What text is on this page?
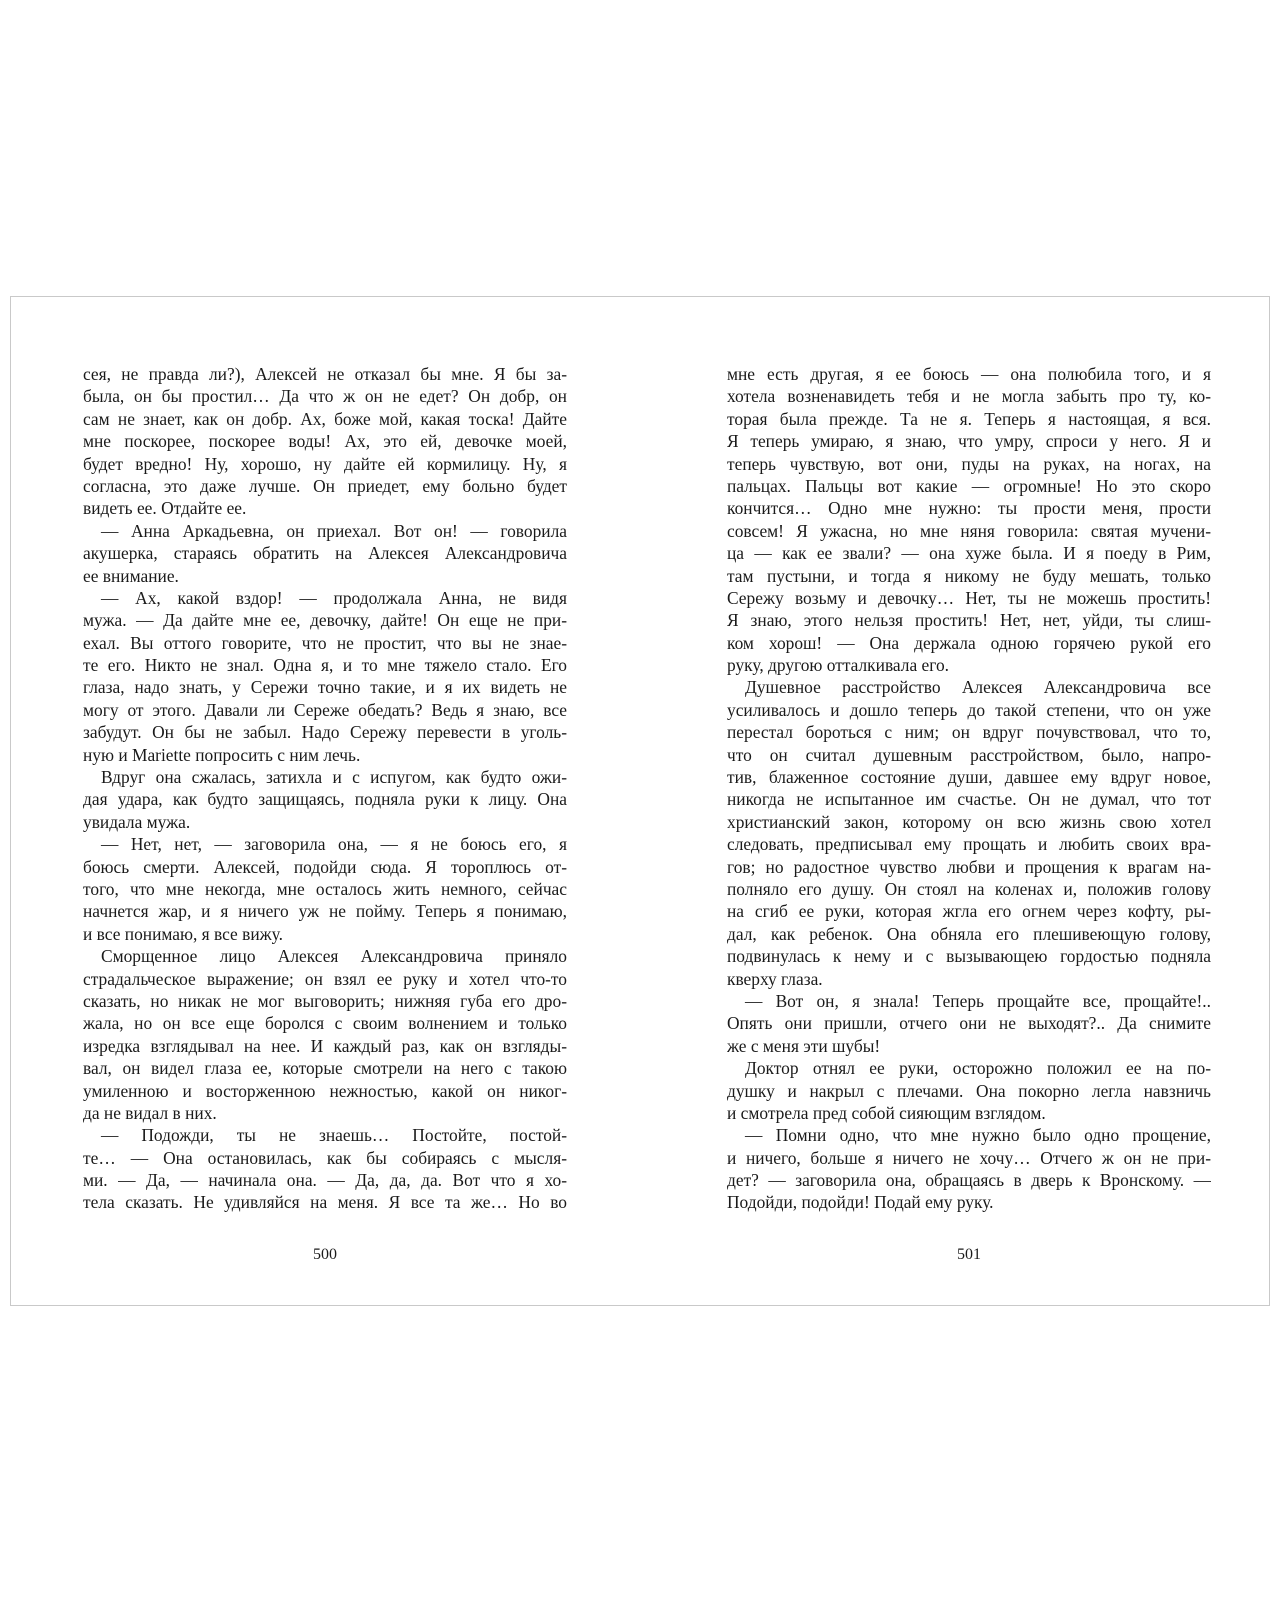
сея, не правда ли?), Алексей не отказал бы мне. Я бы за-
была, он бы простил… Да что ж он не едет? Он добр, он
сам не знает, как он добр. Ах, боже мой, какая тоска! Дайте
мне поскорее, поскорее воды! Ах, это ей, девочке моей,
будет вредно! Ну, хорошо, ну дайте ей кормилицу. Ну, я
согласна, это даже лучше. Он приедет, ему больно будет
видеть ее. Отдайте ее.
— Анна Аркадьевна, он приехал. Вот он! — говорила
акушерка, стараясь обратить на Алексея Александровича
ее внимание.
— Ах, какой вздор! — продолжала Анна, не видя
мужа. — Да дайте мне ее, девочку, дайте! Он еще не при-
ехал. Вы оттого говорите, что не простит, что вы не знае-
те его. Никто не знал. Одна я, и то мне тяжело стало. Его
глаза, надо знать, у Сережи точно такие, и я их видеть не
могу от этого. Давали ли Сереже обедать? Ведь я знаю, все
забудут. Он бы не забыл. Надо Сережу перевести в уголь-
ную и Mariette попросить с ним лечь.
Вдруг она сжалась, затихла и с испугом, как будто ожи-
дая удара, как будто защищаясь, подняла руки к лицу. Она
увидала мужа.
— Нет, нет, — заговорила она, — я не боюсь его, я
боюсь смерти. Алексей, подойди сюда. Я тороплюсь от-
того, что мне некогда, мне осталось жить немного, сейчас
начнется жар, и я ничего уж не пойму. Теперь я понимаю,
и все понимаю, я все вижу.
Сморщенное лицо Алексея Александровича приняло
страдальческое выражение; он взял ее руку и хотел что-то
сказать, но никак не мог выговорить; нижняя губа его дро-
жала, но он все еще боролся с своим волнением и только
изредка взглядывал на нее. И каждый раз, как он взгляды-
вал, он видел глаза ее, которые смотрели на него с такою
умиленною и восторженною нежностью, какой он никог-
да не видал в них.
— Подожди, ты не знаешь… Постойте, постой-
те… — Она остановилась, как бы собираясь с мысля-
ми. — Да, — начинала она. — Да, да, да. Вот что я хо-
тела сказать. Не удивляйся на меня. Я все та же… Но во
мне есть другая, я ее боюсь — она полюбила того, и я
хотела возненавидеть тебя и не могла забыть про ту, ко-
торая была прежде. Та не я. Теперь я настоящая, я вся.
Я теперь умираю, я знаю, что умру, спроси у него. Я и
теперь чувствую, вот они, пуды на руках, на ногах, на
пальцах. Пальцы вот какие — огромные! Но это скоро
кончится… Одно мне нужно: ты прости меня, прости
совсем! Я ужасна, но мне няня говорила: святая мучени-
ца — как ее звали? — она хуже была. И я поеду в Рим,
там пустыни, и тогда я никому не буду мешать, только
Сережу возьму и девочку… Нет, ты не можешь простить!
Я знаю, этого нельзя простить! Нет, нет, уйди, ты слиш-
ком хорош! — Она держала одною горячею рукой его
руку, другою отталкивала его.
Душевное расстройство Алексея Александровича все
усиливалось и дошло теперь до такой степени, что он уже
перестал бороться с ним; он вдруг почувствовал, что то,
что он считал душевным расстройством, было, напро-
тив, блаженное состояние души, давшее ему вдруг новое,
никогда не испытанное им счастье. Он не думал, что тот
христианский закон, которому он всю жизнь свою хотел
следовать, предписывал ему прощать и любить своих вра-
гов; но радостное чувство любви и прощения к врагам на-
полняло его душу. Он стоял на коленах и, положив голову
на сгиб ее руки, которая жгла его огнем через кофту, ры-
дал, как ребенок. Она обняла его плешивеющую голову,
подвинулась к нему и с вызывающею гордостью подняла
кверху глаза.
— Вот он, я знала! Теперь прощайте все, прощайте!..
Опять они пришли, отчего они не выходят?.. Да снимите
же с меня эти шубы!
Доктор отнял ее руки, осторожно положил ее на по-
душку и накрыл с плечами. Она покорно легла навзничь
и смотрела пред собой сияющим взглядом.
— Помни одно, что мне нужно было одно прощение,
и ничего, больше я ничего не хочу… Отчего ж он не при-
дет? — заговорила она, обращаясь в дверь к Вронскому. —
Подойди, подойди! Подай ему руку.
500	501
